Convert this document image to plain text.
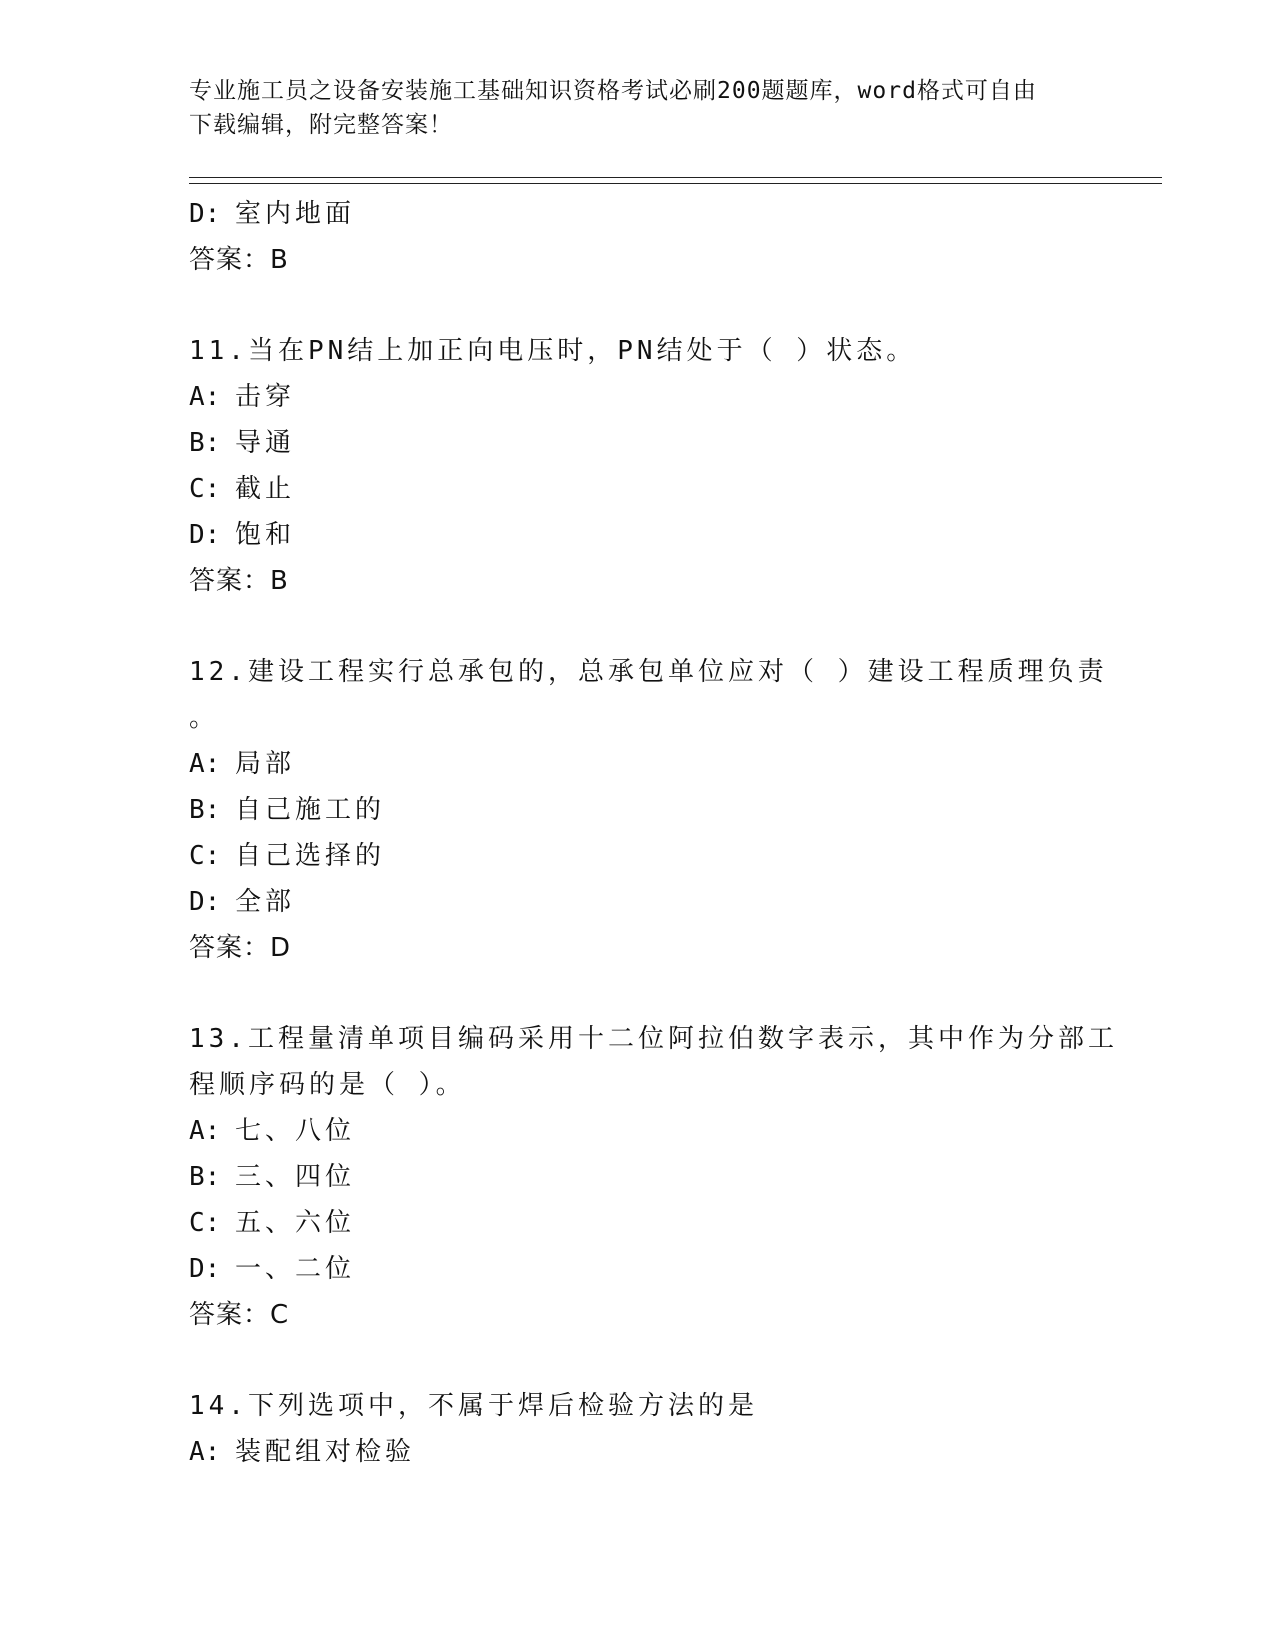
专业施工员之设备安装施工基础知识资格考试必刷200题题库，word格式可自由
下载编辑，附完整答案！
D: 室内地面
答案：B
11.当在PN结上加正向电压时，PN结处于（ ）状态。
A: 击穿
B: 导通
C: 截止
D: 饱和
答案：B
12.建设工程实行总承包的，总承包单位应对（ ）建设工程质理负责
。
A: 局部
B: 自己施工的
C: 自己选择的
D: 全部
答案：D
13.工程量清单项目编码采用十二位阿拉伯数字表示，其中作为分部工
程顺序码的是（ ）。
A: 七、八位
B: 三、四位
C: 五、六位
D: 一、二位
答案：C
14.下列选项中，不属于焊后检验方法的是
A: 装配组对检验
